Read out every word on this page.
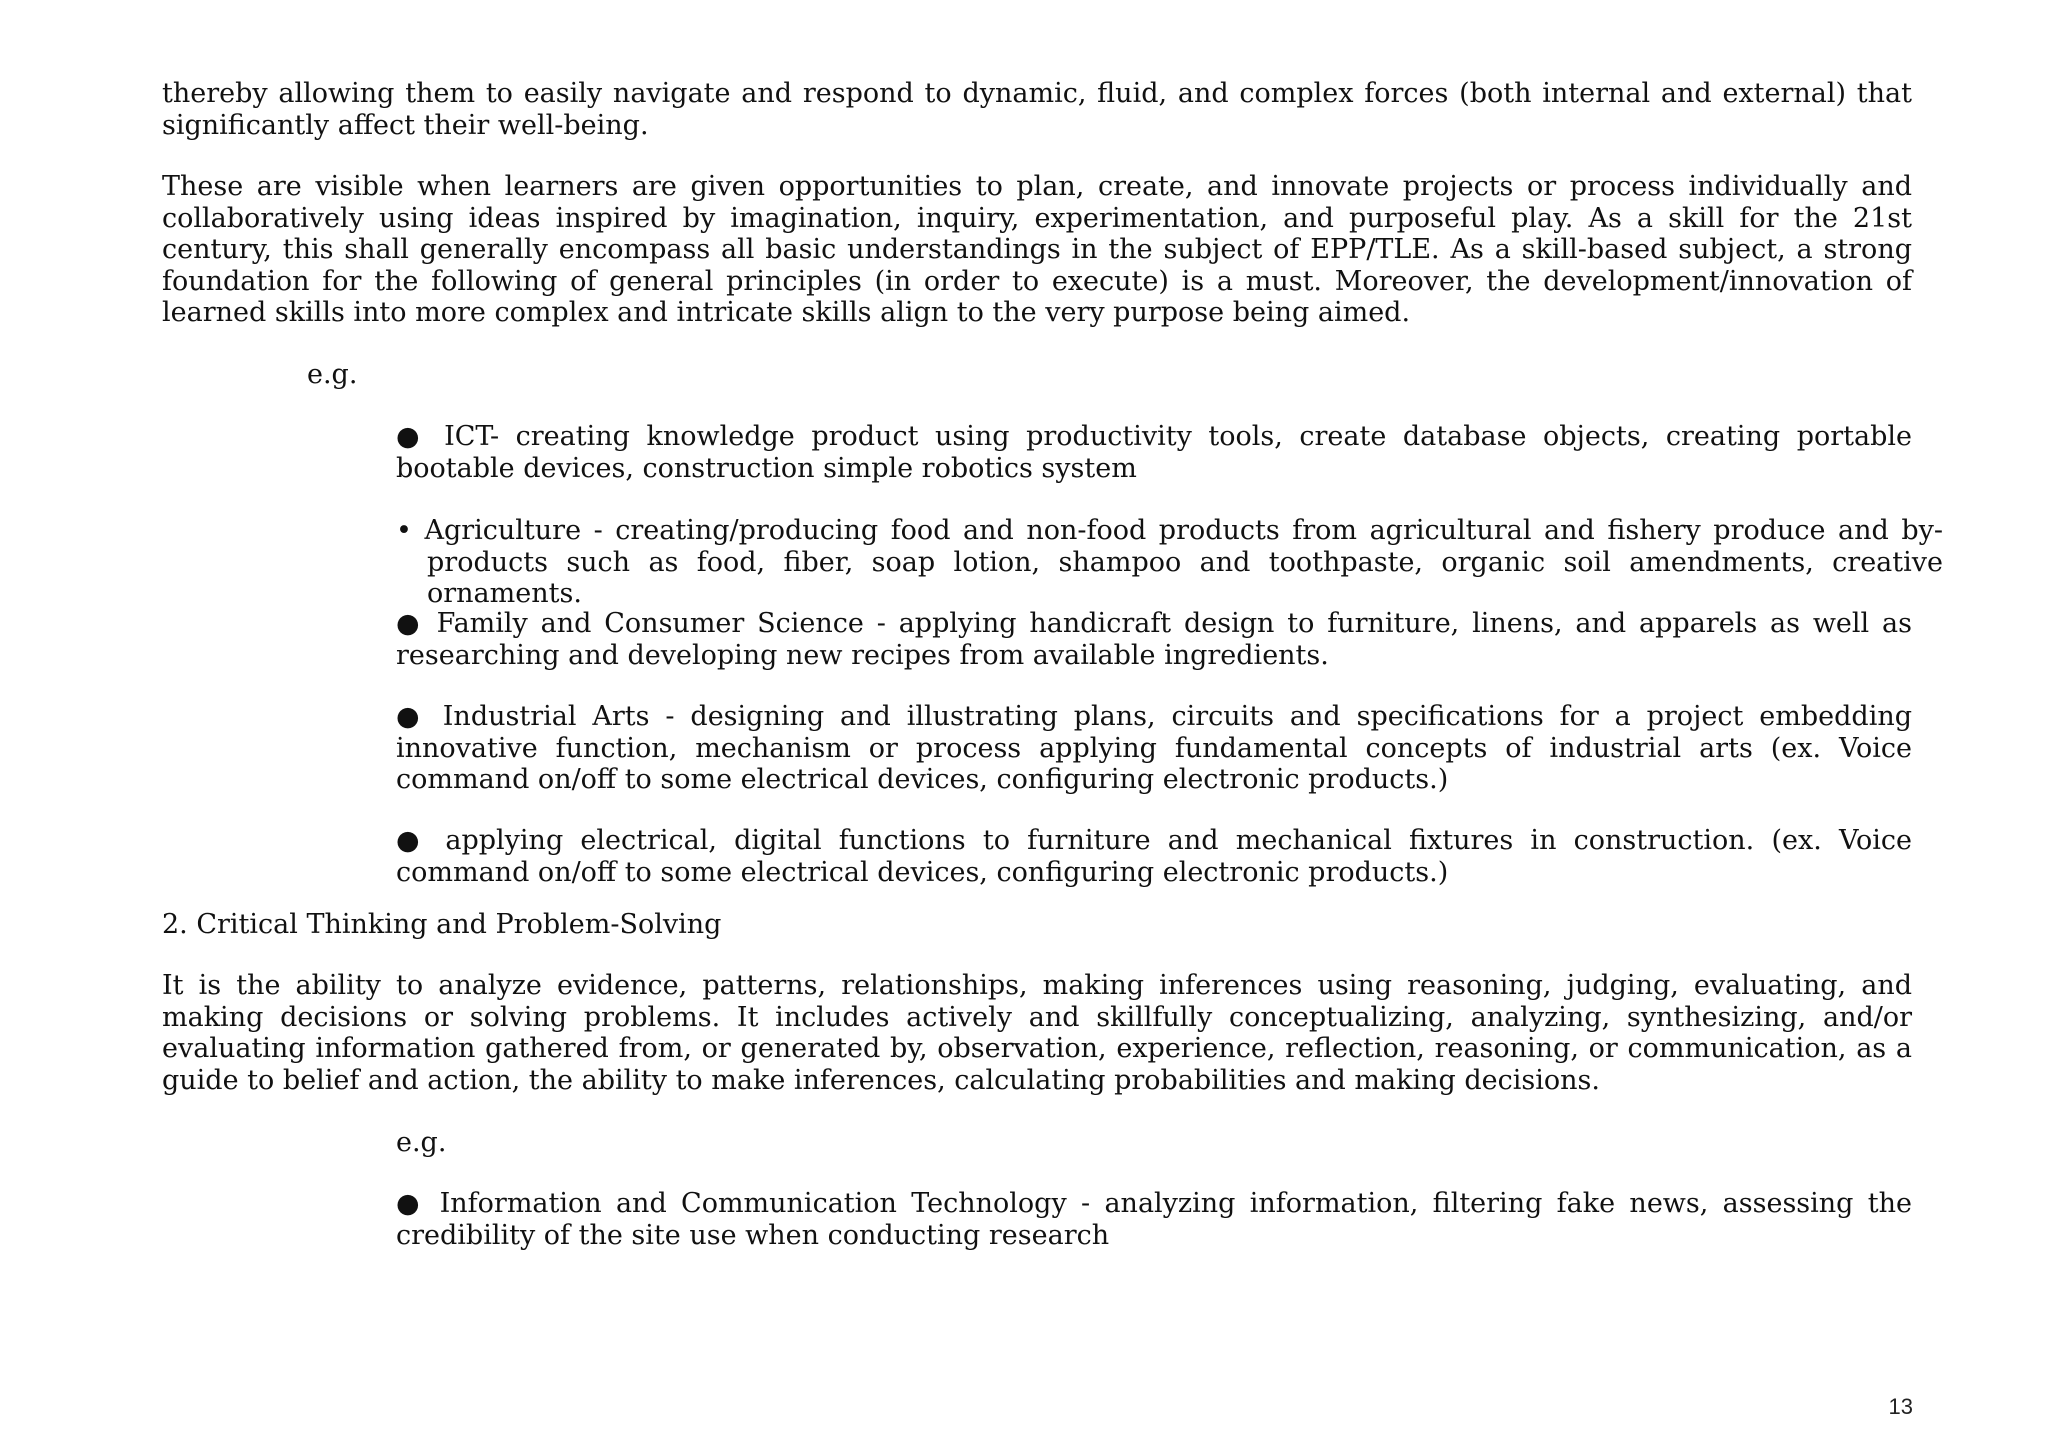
thereby allowing them to easily navigate and respond to dynamic, fluid, and complex forces (both internal and external) that significantly affect their well-being.

These are visible when learners are given opportunities to plan, create, and innovate projects or process individually and collaboratively using ideas inspired by imagination, inquiry, experimentation, and purposeful play. As a skill for the 21st century, this shall generally encompass all basic understandings in the subject of EPP/TLE. As a skill-based subject, a strong foundation for the following of general principles (in order to execute) is a must. Moreover, the development/innovation of learned skills into more complex and intricate skills align to the very purpose being aimed.

e.g.

● ICT- creating knowledge product using productivity tools, create database objects, creating portable bootable devices, construction simple robotics system

• Agriculture - creating/producing food and non-food products from agricultural and fishery produce and by-products such as food, fiber, soap lotion, shampoo and toothpaste, organic soil amendments, creative ornaments.

● Family and Consumer Science - applying handicraft design to furniture, linens, and apparels as well as researching and developing new recipes from available ingredients.

● Industrial Arts - designing and illustrating plans, circuits and specifications for a project embedding innovative function, mechanism or process applying fundamental concepts of industrial arts (ex. Voice command on/off to some electrical devices, configuring electronic products.)

● applying electrical, digital functions to furniture and mechanical fixtures in construction. (ex. Voice command on/off to some electrical devices, configuring electronic products.)

2. Critical Thinking and Problem-Solving

It is the ability to analyze evidence, patterns, relationships, making inferences using reasoning, judging, evaluating, and making decisions or solving problems. It includes actively and skillfully conceptualizing, analyzing, synthesizing, and/or evaluating information gathered from, or generated by, observation, experience, reflection, reasoning, or communication, as a guide to belief and action, the ability to make inferences, calculating probabilities and making decisions.

e.g.

● Information and Communication Technology - analyzing information, filtering fake news, assessing the credibility of the site use when conducting research

13
